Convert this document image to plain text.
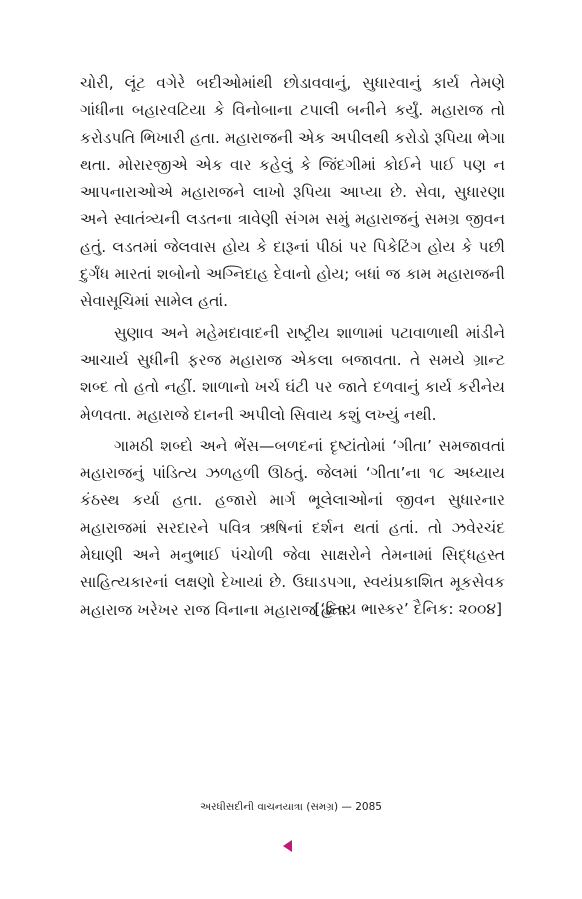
ચોરી, લૂંટ વગેરે બદીઓમાંથી છોડાવવાનું, સુધારવાનું કાર્ય તેમણે ગાંધીના બહારવટિયા કે વિનોબાના ટપાલી બનીને કર્યું. મહારાજ તો કરોડપતિ ભિખારી હતા. મહારાજની એક અપીલથી કરોડો રૂપિયા ભેગા થતા. મોરારજીએ એક વાર કહેલું કે જિંદગીમાં કોઈને પાઈ પણ ન આપનારાઓએ મહારાજને લાખો રૂપિયા આપ્યા છે. સેવા, સુધારણા અને સ્વાતંત્ર્યની લડતના ત્રાવેણી સંગમ સમું મહારાજનું સમગ્ર જીવન હતું. લડતમાં જેલવાસ હોય કે દારૂનાં પીઠાં પર પિકેટિંગ હોય કે પછી દુર્ગંધ મારતાં શબોનો અગ્નિદાહ દેવાનો હોય; બધાં જ કામ મહારાજની સેવાસૂચિમાં સામેલ હતાં.

સુણાવ અને મહેમદાવાદની રાષ્ટ્રીય શાળામાં પટાવાળાથી માંડીને આચાર્ય સુધીની ફરજ મહારાજ એકલા બજાવતા. તે સમયે ગ્રાન્ટ શબ્દ તો હતો નહીં. શાળાનો ખર્ચ ઘંટી પર જાતે દળવાનું કાર્ય કરીનેય મેળવતા. મહારાજે દાનની અપીલો સિવાય કશું લખ્યું નથી.

ગામઠી શબ્દો અને ભેંસ—બળદનાં દૃષ્ટાંતોમાં ‘ગીતા’ સમજાવતાં મહારાજનું પાંડિત્ય ઝળહળી ઊઠતું. જેલમાં ‘ગીતા’ના ૧૮ અધ્યાય કંઠસ્થ કર્યા હતા. હજારો માર્ગ ભૂલેલાઓનાં જીવન સુધારનાર મહારાજમાં સરદારને પવિત્ર ઋષિનાં દર્શન થતાં હતાં. તો ઝવેરચંદ મેઘાણી અને મનુભાઈ પંચોળી જેવા સાક્ષરોને તેમનામાં સિદ્ધહસ્ત સાહિત્યકારનાં લક્ષણો દેખાયાં છે. ઉઘાડપગા, સ્વયંપ્રકાશિત મૂકસેવક મહારાજ ખરેખર રાજ વિનાના મહારાજ હતા.

[‘દિવ્ય ભાસ્કર’ દૈનિક: ૨૦૦૪]
અરધીસદીની વાચનયાત્રા (સમગ્ર) — 2085
